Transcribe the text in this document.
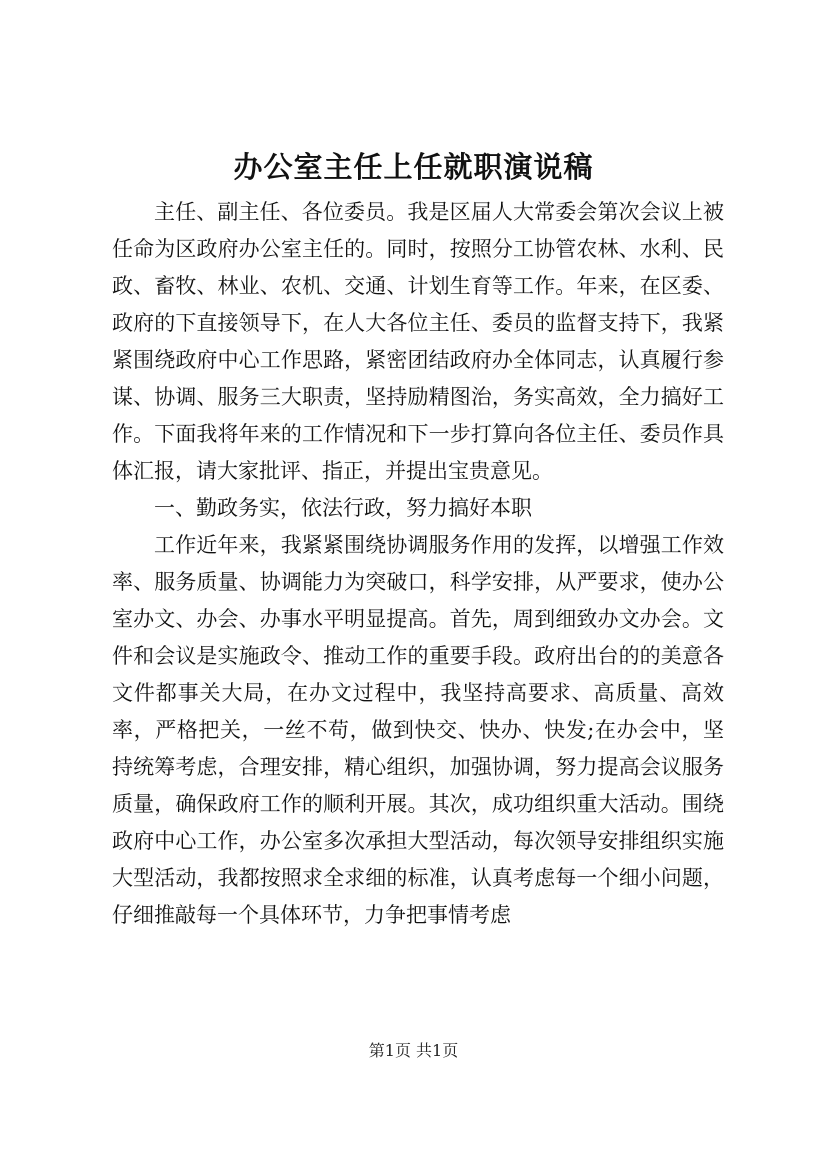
办公室主任上任就职演说稿

主任、副主任、各位委员。我是区届人大常委会第次会议上被任命为区政府办公室主任的。同时，按照分工协管农林、水利、民政、畜牧、林业、农机、交通、计划生育等工作。年来，在区委、政府的下直接领导下，在人大各位主任、委员的监督支持下，我紧紧围绕政府中心工作思路，紧密团结政府办全体同志，认真履行参谋、协调、服务三大职责，坚持励精图治，务实高效，全力搞好工作。下面我将年来的工作情况和下一步打算向各位主任、委员作具体汇报，请大家批评、指正，并提出宝贵意见。

一、勤政务实，依法行政，努力搞好本职

工作近年来，我紧紧围绕协调服务作用的发挥，以增强工作效率、服务质量、协调能力为突破口，科学安排，从严要求，使办公室办文、办会、办事水平明显提高。首先，周到细致办文办会。文件和会议是实施政令、推动工作的重要手段。政府出台的的美意各文件都事关大局，在办文过程中，我坚持高要求、高质量、高效率，严格把关，一丝不苟，做到快交、快办、快发;在办会中，坚持统筹考虑，合理安排，精心组织，加强协调，努力提高会议服务质量，确保政府工作的顺利开展。其次，成功组织重大活动。围绕政府中心工作，办公室多次承担大型活动，每次领导安排组织实施大型活动，我都按照求全求细的标准，认真考虑每一个细小问题，仔细推敲每一个具体环节，力争把事情考虑

第1页 共1页
